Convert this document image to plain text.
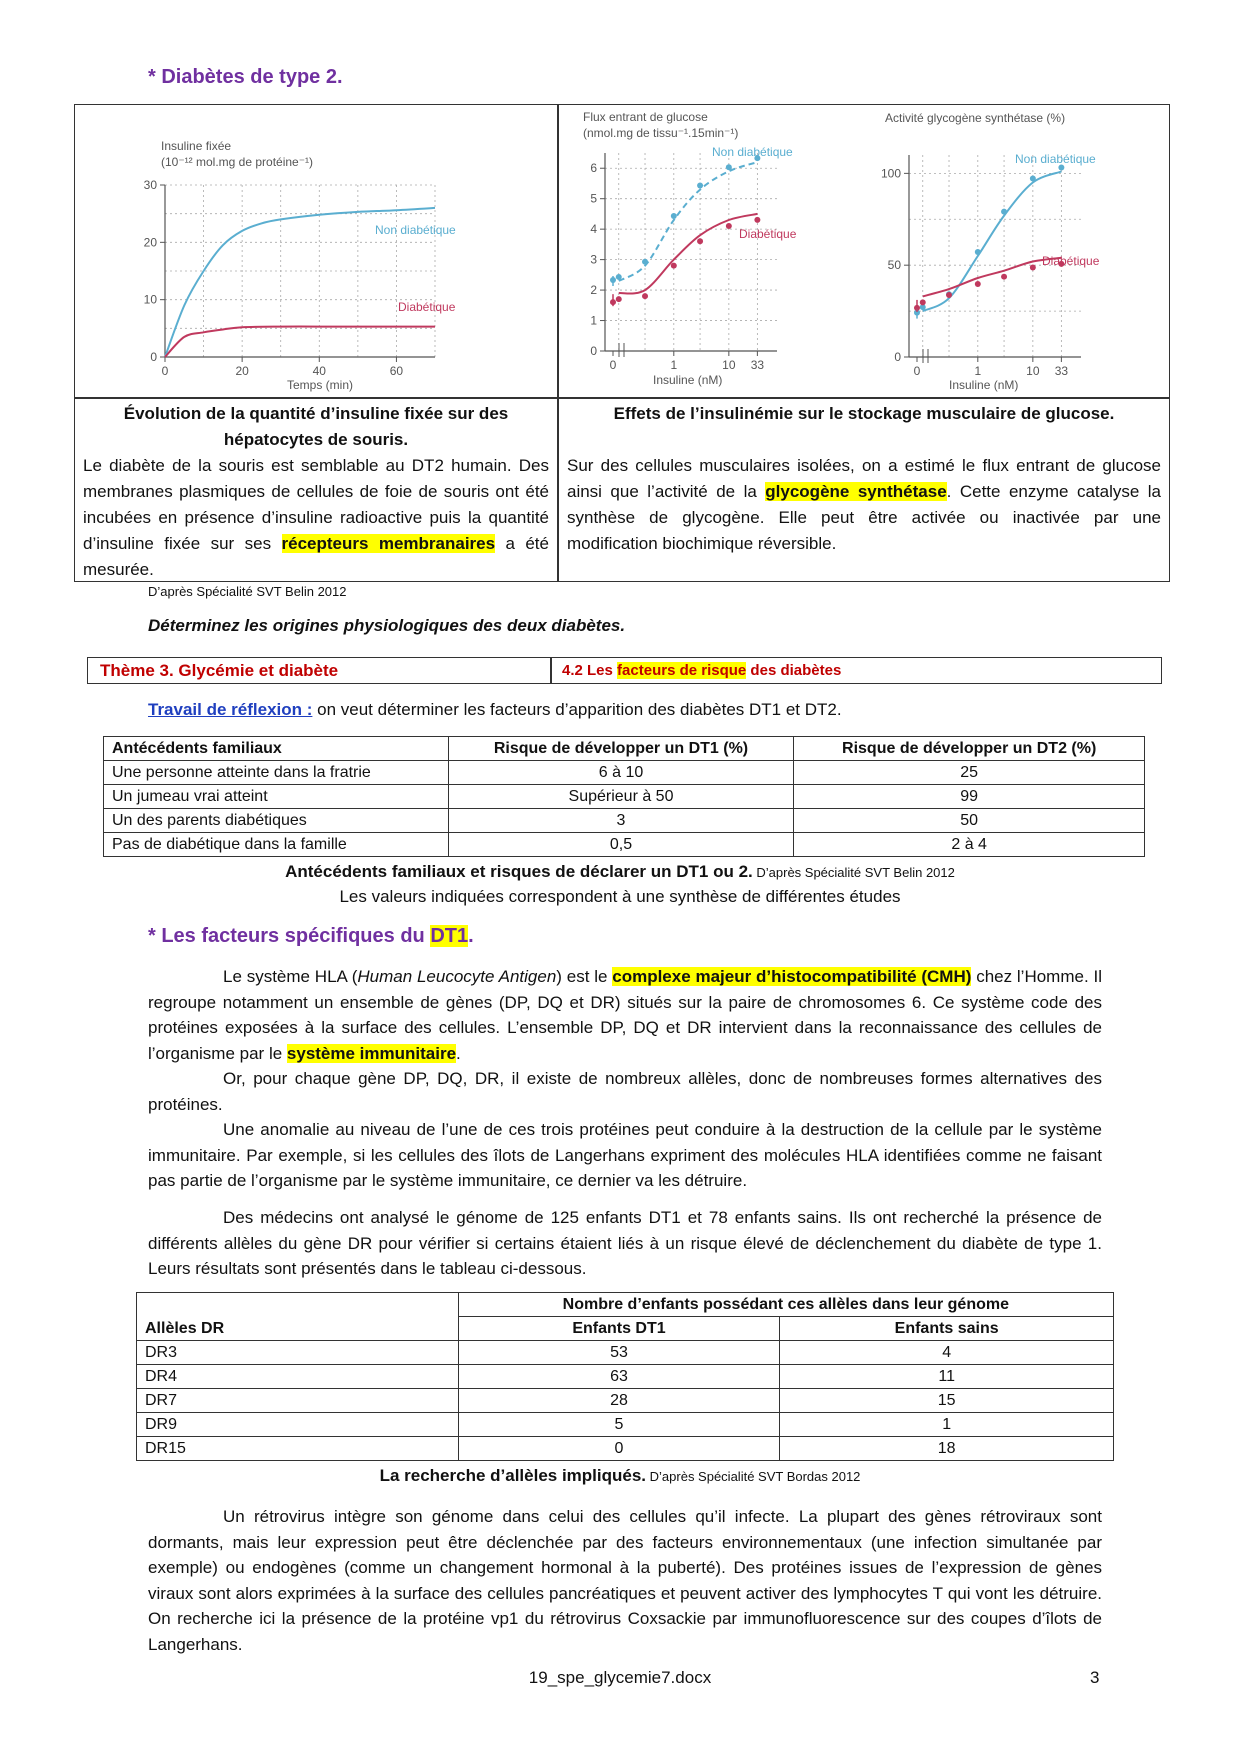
* Diabètes de type 2.
Insuline fixée
(10⁻¹² mol.mg de protéine⁻¹)
0
10
20
30
0	20	40	60
Non diabétique
Diabétique
Temps (min)
Flux entrant de glucose
(nmol.mg de tissu⁻¹.15min⁻¹)
0
1
2
3
4
5
6
0	1	10 33
Non diabétique
Diabétique
Insuline (nM)
Activité glycogène synthétase (%)
0
50
100
0	1	10 33
Non diabétique
Diabétique
Insuline (nM)
Évolution de la quantité d’insuline fixée sur des hépatocytes de souris.
Le diabète de la souris est semblable au DT2 humain. Des membranes plasmiques de cellules de foie de souris ont été incubées en présence d’insuline radioactive puis la quantité d’insuline fixée sur ses récepteurs membranaires a été mesurée.
Effets de l’insulinémie sur le stockage musculaire de glucose.
Sur des cellules musculaires isolées, on a estimé le flux entrant de glucose ainsi que l’activité de la glycogène synthétase. Cette enzyme catalyse la synthèse de glycogène. Elle peut être activée ou inactivée par une modification biochimique réversible.
D’après Spécialité SVT Belin 2012
Déterminez les origines physiologiques des deux diabètes.
Thème 3. Glycémie et diabète	4.2 Les facteurs de risque des diabètes
Travail de réflexion : on veut déterminer les facteurs d’apparition des diabètes DT1 et DT2.
Antécédents familiaux	Risque de développer un DT1 (%)	Risque de développer un DT2 (%)
Une personne atteinte dans la fratrie	6 à 10	25
Un jumeau vrai atteint	Supérieur à 50	99
Un des parents diabétiques	3	50
Pas de diabétique dans la famille	0,5	2 à 4
Antécédents familiaux et risques de déclarer un DT1 ou 2. D’après Spécialité SVT Belin 2012
Les valeurs indiquées correspondent à une synthèse de différentes études
* Les facteurs spécifiques du DT1.
Le système HLA (Human Leucocyte Antigen) est le complexe majeur d’histocompatibilité (CMH) chez l’Homme. Il regroupe notamment un ensemble de gènes (DP, DQ et DR) situés sur la paire de chromosomes 6. Ce système code des protéines exposées à la surface des cellules. L’ensemble DP, DQ et DR intervient dans la reconnaissance des cellules de l’organisme par le système immunitaire.
Or, pour chaque gène DP, DQ, DR, il existe de nombreux allèles, donc de nombreuses formes alternatives des protéines.
Une anomalie au niveau de l’une de ces trois protéines peut conduire à la destruction de la cellule par le système immunitaire. Par exemple, si les cellules des îlots de Langerhans expriment des molécules HLA identifiées comme ne faisant pas partie de l’organisme par le système immunitaire, ce dernier va les détruire.
Des médecins ont analysé le génome de 125 enfants DT1 et 78 enfants sains. Ils ont recherché la présence de différents allèles du gène DR pour vérifier si certains étaient liés à un risque élevé de déclenchement du diabète de type 1. Leurs résultats sont présentés dans le tableau ci-dessous.
	Nombre d’enfants possédant ces allèles dans leur génome	
Allèles DR	Enfants DT1	Enfants sains
DR3	53	4
DR4	63	11
DR7	28	15
DR9	5	1
DR15	0	18
La recherche d’allèles impliqués. D’après Spécialité SVT Bordas 2012
Un rétrovirus intègre son génome dans celui des cellules qu’il infecte. La plupart des gènes rétroviraux sont dormants, mais leur expression peut être déclenchée par des facteurs environnementaux (une infection simultanée par exemple) ou endogènes (comme un changement hormonal à la puberté). Des protéines issues de l’expression de gènes viraux sont alors exprimées à la surface des cellules pancréatiques et peuvent activer des lymphocytes T qui vont les détruire. On recherche ici la présence de la protéine vp1 du rétrovirus Coxsackie par immunofluorescence sur des coupes d’îlots de Langerhans.
19_spe_glycemie7.docx	3
